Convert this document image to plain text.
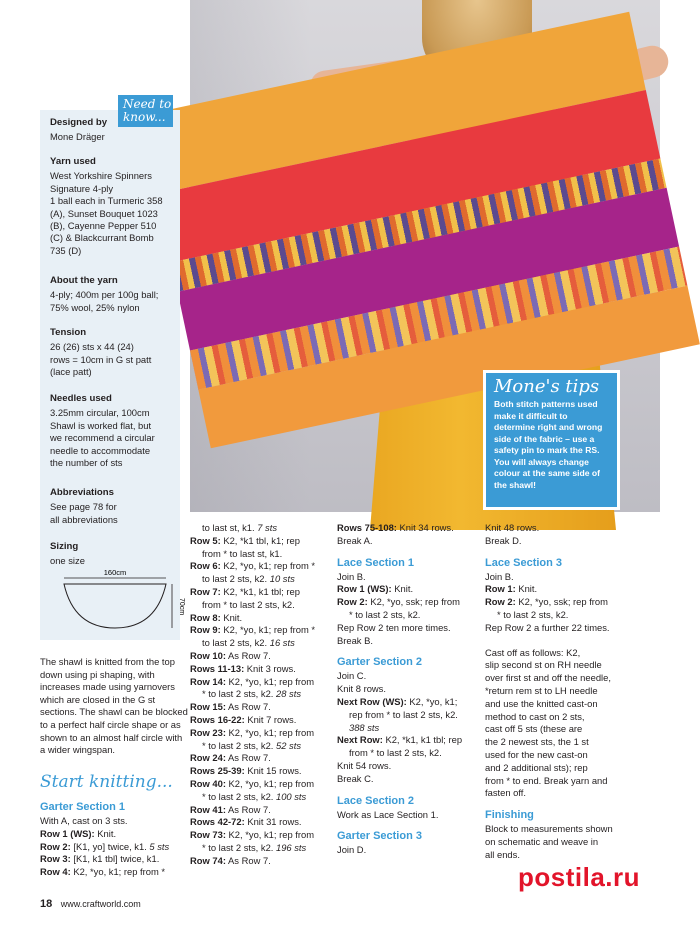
Mone's tips

Both stitch patterns used make it difficult to determine right and wrong side of the fabric – use a safety pin to mark the RS. You will always change colour at the same side of the shawl!

Need to know...
Designed by
Mone Dräger
Yarn used
West Yorkshire Spinners
Signature 4-ply
1 ball each in Turmeric 358
(A), Sunset Bouquet 1023
(B), Cayenne Pepper 510
(C) & Blackcurrant Bomb
735 (D)
About the yarn
4-ply; 400m per 100g ball;
75% wool, 25% nylon
Tension
26 (26) sts x 44 (24)
rows = 10cm in G st patt
(lace patt)
Needles used
3.25mm circular, 100cm
Shawl is worked flat, but
we recommend a circular
needle to accommodate
the number of sts
Abbreviations
See page 78 for
all abbreviations
Sizing
one size
160cm
70cm
The shawl is knitted from the top down using pi shaping, with increases made using yarnovers which are closed in the G st sections. The shawl can be blocked to a perfect half circle shape or as shown to an almost half circle with a wider wingspan.
Start knitting...
Garter Section 1
With A, cast on 3 sts.
Row 1 (WS): Knit.
Row 2: [K1, yo] twice, k1. 5 sts
Row 3: [K1, k1 tbl] twice, k1.
Row 4: K2, *yo, k1; rep from *
to last st, k1. 7 sts
Row 5: K2, *k1 tbl, k1; rep
from * to last st, k1.
Row 6: K2, *yo, k1; rep from *
to last 2 sts, k2. 10 sts
Row 7: K2, *k1, k1 tbl; rep
from * to last 2 sts, k2.
Row 8: Knit.
Row 9: K2, *yo, k1; rep from *
to last 2 sts, k2. 16 sts
Row 10: As Row 7.
Rows 11-13: Knit 3 rows.
Row 14: K2, *yo, k1; rep from
* to last 2 sts, k2. 28 sts
Row 15: As Row 7.
Rows 16-22: Knit 7 rows.
Row 23: K2, *yo, k1; rep from
* to last 2 sts, k2. 52 sts
Row 24: As Row 7.
Rows 25-39: Knit 15 rows.
Row 40: K2, *yo, k1; rep from
* to last 2 sts, k2. 100 sts
Row 41: As Row 7.
Rows 42-72: Knit 31 rows.
Row 73: K2, *yo, k1; rep from
* to last 2 sts, k2. 196 sts
Row 74: As Row 7.
Rows 75-108: Knit 34 rows.
Break A.
Lace Section 1
Join B.
Row 1 (WS): Knit.
Row 2: K2, *yo, ssk; rep from
* to last 2 sts, k2.
Rep Row 2 ten more times.
Break B.
Garter Section 2
Join C.
Knit 8 rows.
Next Row (WS): K2, *yo, k1;
rep from * to last 2 sts, k2.
388 sts
Next Row: K2, *k1, k1 tbl; rep
from * to last 2 sts, k2.
Knit 54 rows.
Break C.
Lace Section 2
Work as Lace Section 1.
Garter Section 3
Join D.
Knit 48 rows.
Break D.
Lace Section 3
Join B.
Row 1: Knit.
Row 2: K2, *yo, ssk; rep from
* to last 2 sts, k2.
Rep Row 2 a further 22 times.
Cast off as follows: K2,
slip second st on RH needle
over first st and off the needle,
*return rem st to LH needle
and use the knitted cast-on
method to cast on 2 sts,
cast off 5 sts (these are
the 2 newest sts, the 1 st
used for the new cast-on
and 2 additional sts); rep
from * to end. Break yarn and
fasten off.
Finishing
Block to measurements shown
on schematic and weave in
all ends.
18 www.craftworld.com
postila.ru
